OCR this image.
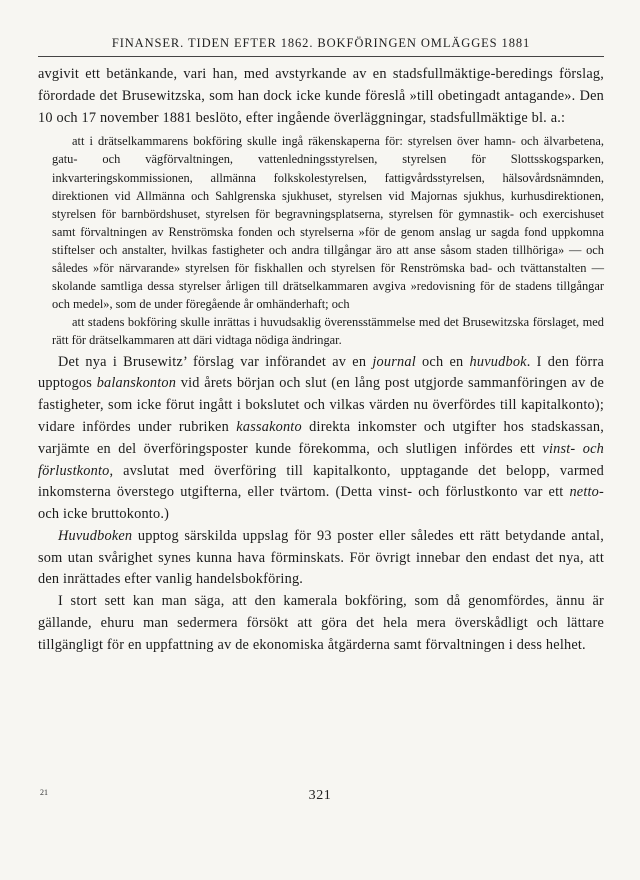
FINANSER. TIDEN EFTER 1862. BOKFÖRINGEN OMLÄGGES 1881

avgivit ett betänkande, vari han, med avstyrkande av en stadsfullmäktige-beredings förslag, förordade det Brusewitzska, som han dock icke kunde föreslå »till obetingadt antagande». Den 10 och 17 november 1881 beslöto, efter ingående överläggningar, stadsfullmäktige bl. a.:

att i drätselkammarens bokföring skulle ingå räkenskaperna för: styrelsen över hamn- och älvarbetena, gatu- och vägförvaltningen, vattenledningsstyrelsen, styrelsen för Slottsskogsparken, inkvarteringskommissionen, allmänna folkskolestyrelsen, fattigvårdsstyrelsen, hälsovårdsnämnden, direktionen vid Allmänna och Sahlgrenska sjukhuset, styrelsen vid Majornas sjukhus, kurhusdirektionen, styrelsen för barnbördshuset, styrelsen för begravningsplatserna, styrelsen för gymnastik- och exercishuset samt förvaltningen av Renströmska fonden och styrelserna »för de genom anslag ur sagda fond uppkomna stiftelser och anstalter, hvilkas fastigheter och andra tillgångar äro att anse såsom staden tillhöriga» — och således »för närvarande» styrelsen för fiskhallen och styrelsen för Renströmska bad- och tvättanstalten — skolande samtliga dessa styrelser årligen till drätselkammaren avgiva »redovisning för de stadens tillgångar och medel», som de under föregående år omhänderhaft; och

att stadens bokföring skulle inrättas i huvudsaklig överensstämmelse med det Brusewitzska förslaget, med rätt för drätselkammaren att däri vidtaga nödiga ändringar.

Det nya i Brusewitz’ förslag var införandet av en journal och en huvudbok. I den förra upptogos balanskonton vid årets början och slut (en lång post utgjorde sammanföringen av de fastigheter, som icke förut ingått i bokslutet och vilkas värden nu överfördes till kapitalkonto); vidare infördes under rubriken kassakonto direkta inkomster och utgifter hos stadskassan, varjämte en del överföringsposter kunde förekomma, och slutligen infördes ett vinst- och förlustkonto, avslutat med överföring till kapitalkonto, upptagande det belopp, varmed inkomsterna överstego utgifterna, eller tvärtom. (Detta vinst- och förlustkonto var ett netto- och icke bruttokonto.)

Huvudboken upptog särskilda uppslag för 93 poster eller således ett rätt betydande antal, som utan svårighet synes kunna hava förminskats. För övrigt innebar den endast det nya, att den inrättades efter vanlig handelsbokföring.

I stort sett kan man säga, att den kameralа bokföring, som då genomfördes, ännu är gällande, ehuru man sedermera försökt att göra det hela mera överskådligt och lättare tillgängligt för en uppfattning av de ekonomiska åtgärderna samt förvaltningen i dess helhet.

21	321
